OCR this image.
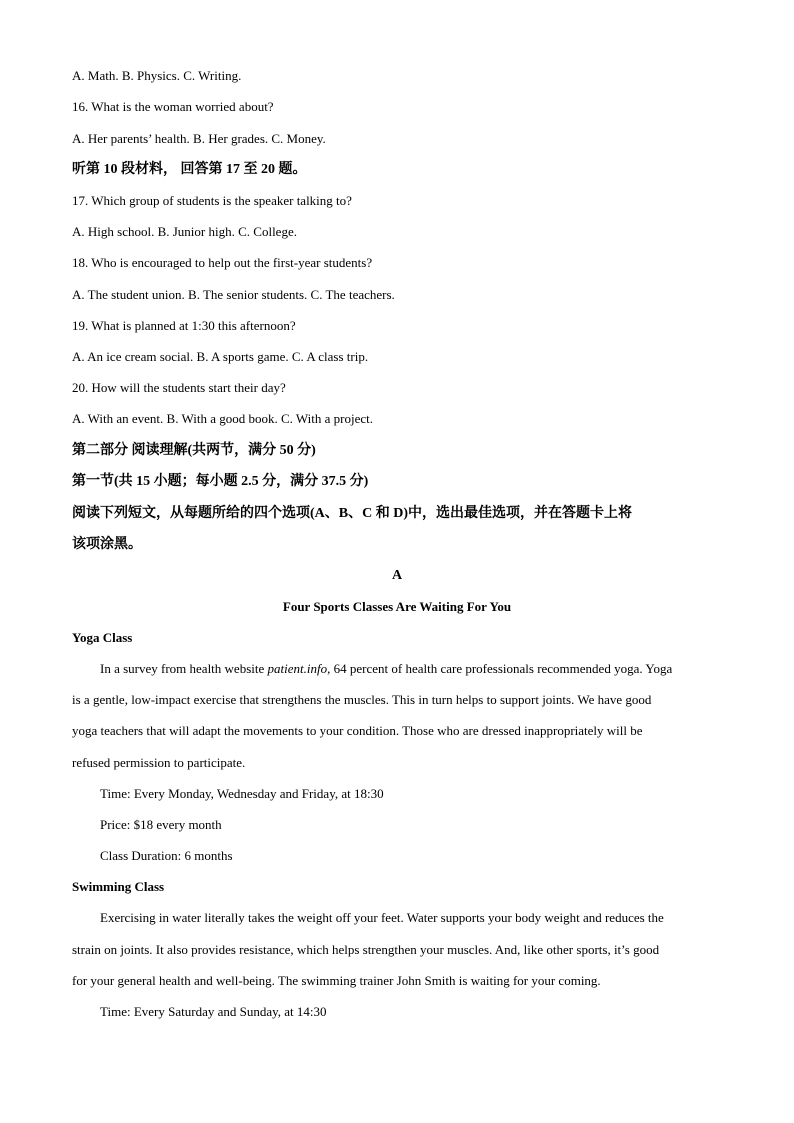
A. Math. B. Physics. C. Writing.
16. What is the woman worried about?
A. Her parents’ health. B. Her grades. C. Money.
听第 10 段材料， 回答第 17 至 20 题。
17. Which group of students is the speaker talking to?
A. High school. B. Junior high. C. College.
18. Who is encouraged to help out the first-year students?
A. The student union. B. The senior students. C. The teachers.
19. What is planned at 1:30 this afternoon?
A. An ice cream social. B. A sports game. C. A class trip.
20. How will the students start their day?
A. With an event. B. With a good book. C. With a project.
第二部分 阅读理解(共两节，满分 50 分)
第一节(共 15 小题；每小题 2.5 分，满分 37.5 分)
阅读下列短文，从每题所给的四个选项(A、B、C 和 D)中，选出最佳选项，并在答题卡上将
该项涂黑。
A
Four Sports Classes Are Waiting For You
Yoga Class
In a survey from health website patient.info, 64 percent of health care professionals recommended yoga. Yoga
is a gentle, low-impact exercise that strengthens the muscles. This in turn helps to support joints. We have good
yoga teachers that will adapt the movements to your condition. Those who are dressed inappropriately will be
refused permission to participate.
Time: Every Monday, Wednesday and Friday, at 18:30
Price: $18 every month
Class Duration: 6 months
Swimming Class
Exercising in water literally takes the weight off your feet. Water supports your body weight and reduces the
strain on joints. It also provides resistance, which helps strengthen your muscles. And, like other sports, it’s good
for your general health and well-being. The swimming trainer John Smith is waiting for your coming.
Time: Every Saturday and Sunday, at 14:30
